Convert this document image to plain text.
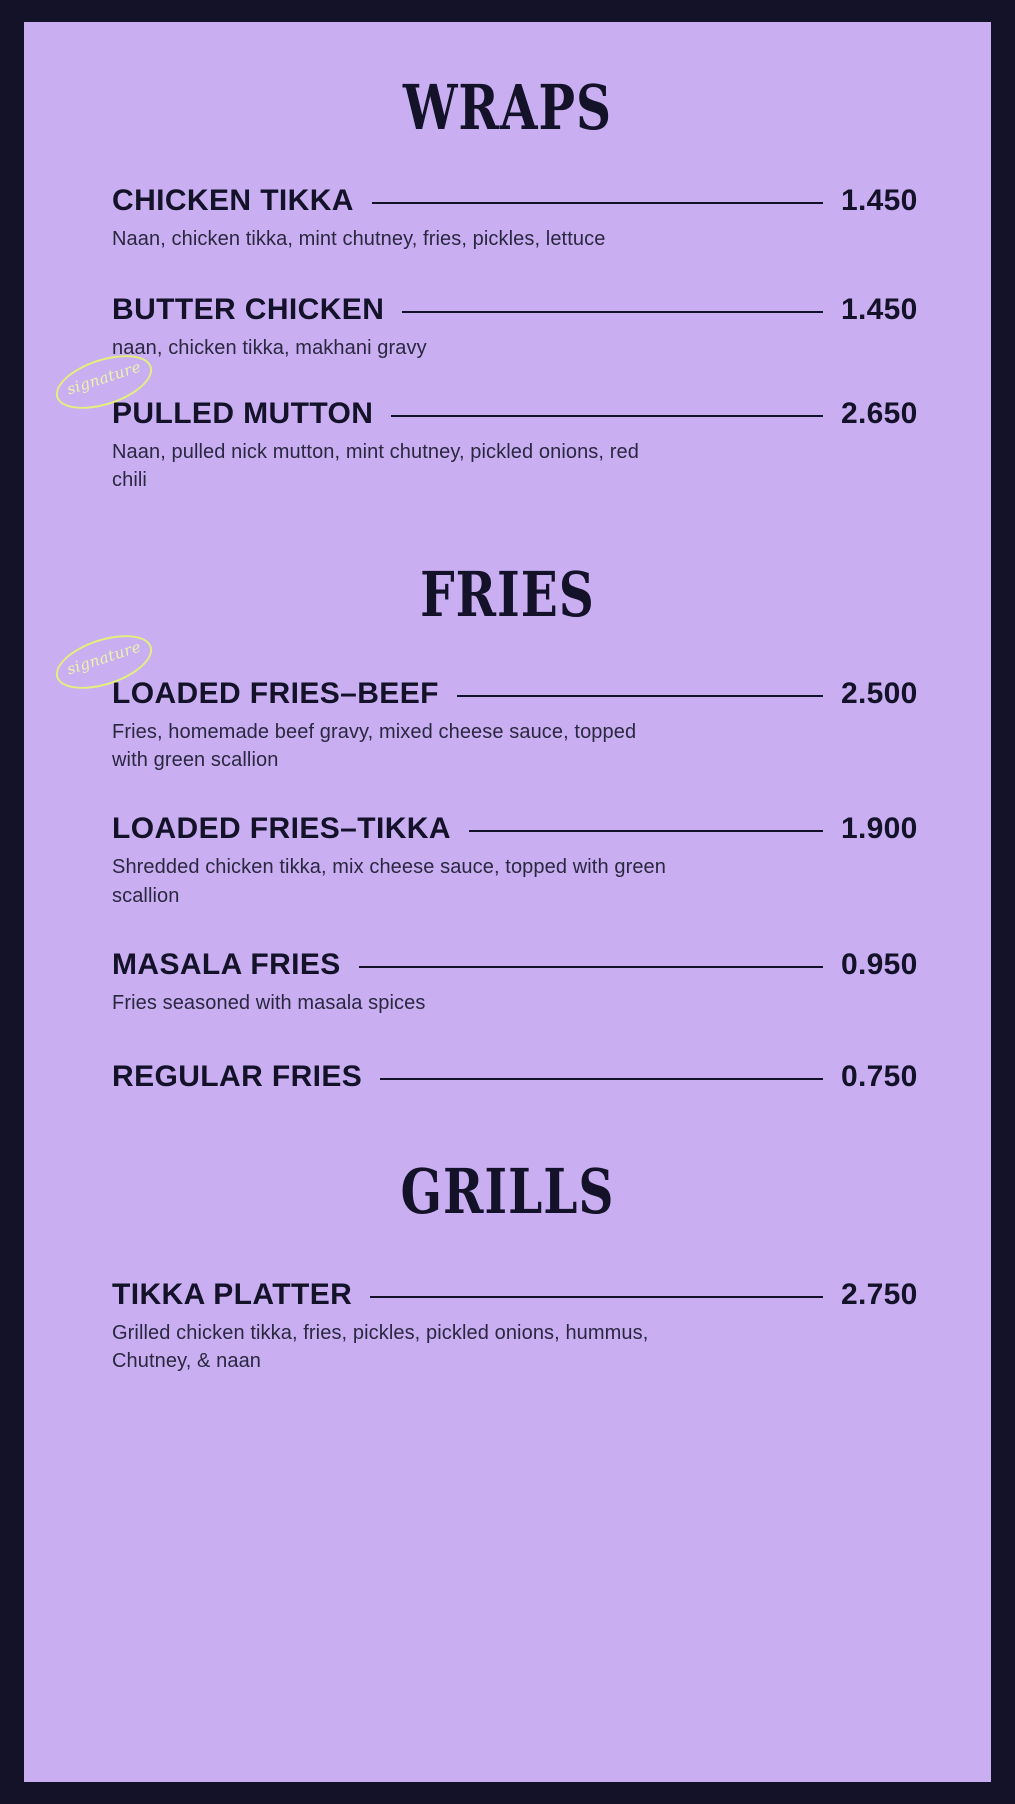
WRAPS
CHICKEN TIKKA	1.450
Naan, chicken tikka, mint chutney, fries, pickles, lettuce
BUTTER CHICKEN	1.450
naan, chicken tikka, makhani gravy
signature
PULLED MUTTON	2.650
Naan, pulled nick mutton, mint chutney, pickled onions, red chili
FRIES
signature
LOADED FRIES–BEEF	2.500
Fries, homemade beef gravy, mixed cheese sauce, topped with green scallion
LOADED FRIES–TIKKA	1.900
Shredded chicken tikka, mix cheese sauce, topped with green scallion
MASALA FRIES	0.950
Fries seasoned with masala spices
REGULAR FRIES	0.750
GRILLS
TIKKA PLATTER	2.750
Grilled chicken tikka, fries, pickles, pickled onions, hummus, Chutney, & naan
